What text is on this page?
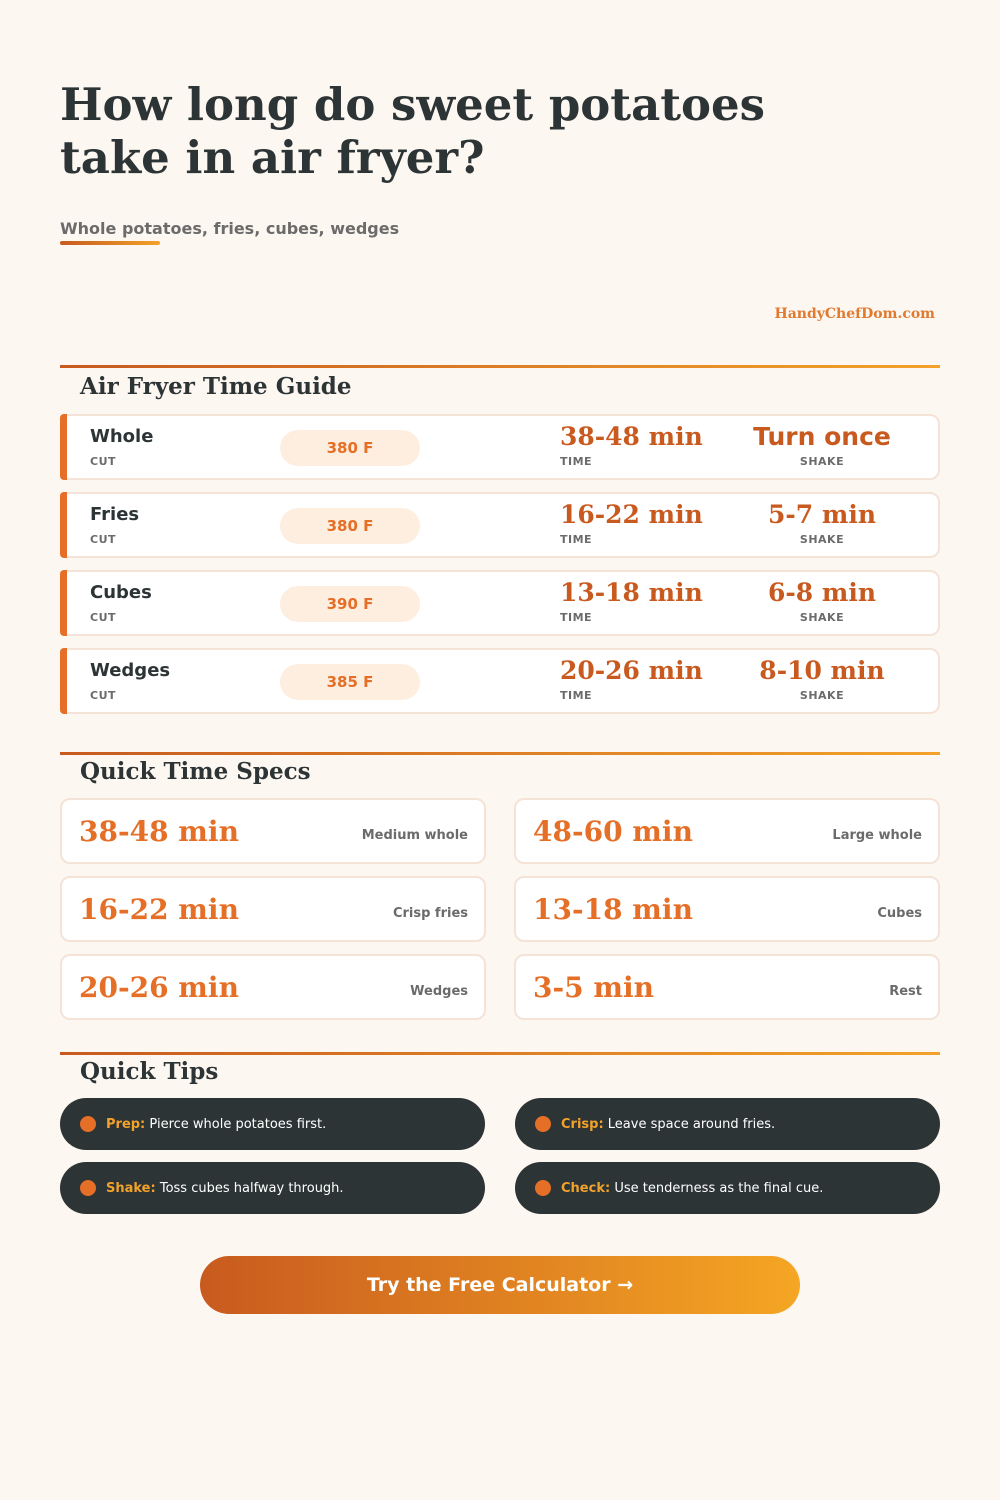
How long do sweet potatoes take in air fryer?
Whole potatoes, fries, cubes, wedges
HandyChefDom.com
Air Fryer Time Guide
Whole
CUT
380 F	38-48 min
TIME
Turn once
SHAKE
Fries
CUT
380 F	16-22 min
TIME
5-7 min
SHAKE
Cubes
CUT
390 F	13-18 min
TIME
6-8 min
SHAKE
Wedges
CUT
385 F	20-26 min
TIME
8-10 min
SHAKE
Quick Time Specs
38-48 min	Medium whole 48-60 min	Large whole
16-22 min	Crisp fries 13-18 min	Cubes
20-26 min	Wedges 3-5 min	Rest
Quick Tips
Prep: Pierce whole potatoes first.	Crisp: Leave space around fries.
Shake: Toss cubes halfway through.	Check: Use tenderness as the final cue.
Try the Free Calculator →
